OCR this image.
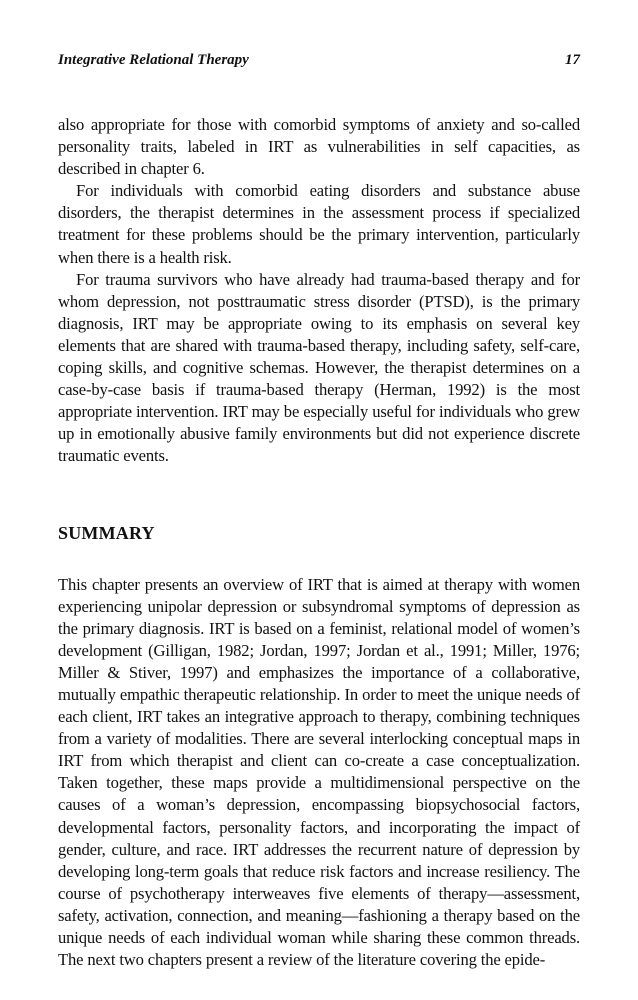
Integrative Relational Therapy	17

also appropriate for those with comorbid symptoms of anxiety and so-called personality traits, labeled in IRT as vulnerabilities in self capacities, as described in chapter 6.

For individuals with comorbid eating disorders and substance abuse disorders, the therapist determines in the assessment process if specialized treatment for these problems should be the primary intervention, particularly when there is a health risk.

For trauma survivors who have already had trauma-based therapy and for whom depression, not posttraumatic stress disorder (PTSD), is the primary diagnosis, IRT may be appropriate owing to its emphasis on several key elements that are shared with trauma-based therapy, including safety, self-care, coping skills, and cognitive schemas. However, the therapist determines on a case-by-case basis if trauma-based therapy (Herman, 1992) is the most appropriate intervention. IRT may be especially useful for individuals who grew up in emotionally abusive family environments but did not experience discrete traumatic events.

SUMMARY

This chapter presents an overview of IRT that is aimed at therapy with women experiencing unipolar depression or subsyndromal symptoms of depression as the primary diagnosis. IRT is based on a feminist, relational model of women’s development (Gilligan, 1982; Jordan, 1997; Jordan et al., 1991; Miller, 1976; Miller & Stiver, 1997) and emphasizes the importance of a collaborative, mutually empathic therapeutic relationship. In order to meet the unique needs of each client, IRT takes an integrative approach to therapy, combining techniques from a variety of modalities. There are several interlocking conceptual maps in IRT from which therapist and client can co-create a case conceptualization. Taken together, these maps provide a multidimensional perspective on the causes of a woman’s depression, encompassing biopsychosocial factors, developmental factors, personality factors, and incorporating the impact of gender, culture, and race. IRT addresses the recurrent nature of depression by developing long-term goals that reduce risk factors and increase resiliency. The course of psychotherapy interweaves five elements of therapy—assessment, safety, activation, connection, and meaning—fashioning a therapy based on the unique needs of each individual woman while sharing these common threads. The next two chapters present a review of the literature covering the epide-
